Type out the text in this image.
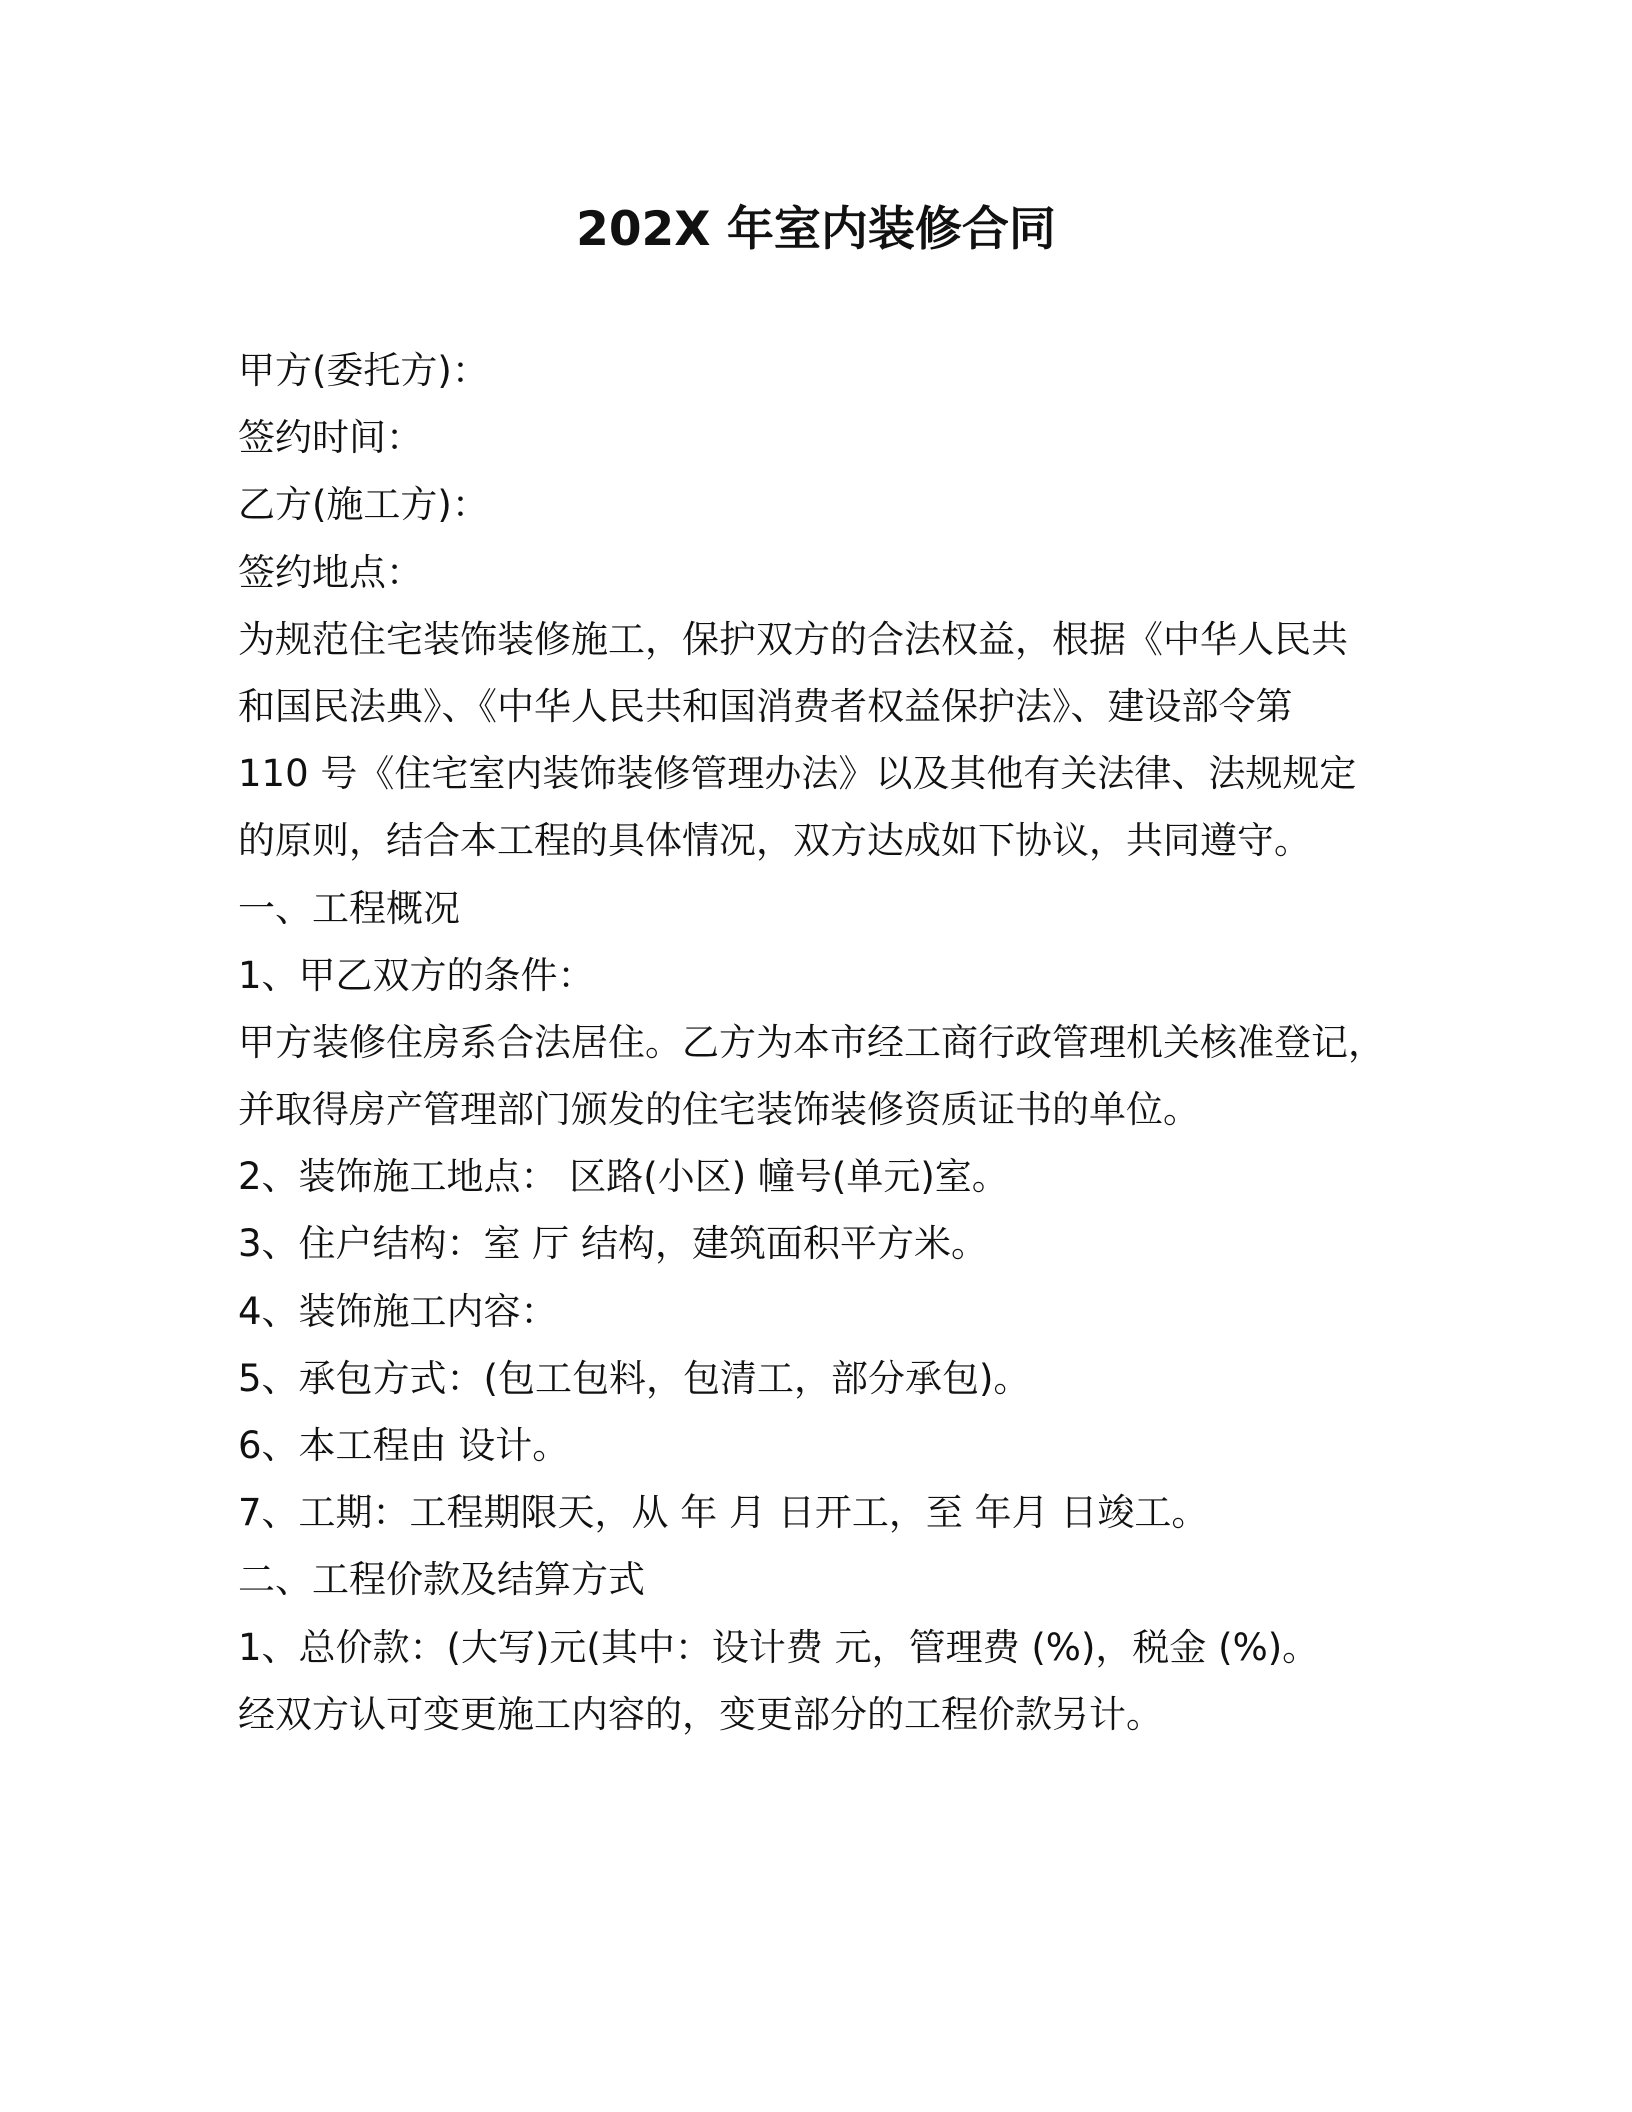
202X 年室内装修合同
甲方(委托方)：
签约时间：
乙方(施工方)：
签约地点：
为规范住宅装饰装修施工，保护双方的合法权益，根据《中华人民共
和国民法典》、《中华人民共和国消费者权益保护法》、建设部令第
110 号《住宅室内装饰装修管理办法》以及其他有关法律、法规规定
的原则，结合本工程的具体情况，双方达成如下协议，共同遵守。
一、工程概况
1、甲乙双方的条件：
甲方装修住房系合法居住。乙方为本市经工商行政管理机关核准登记，
并取得房产管理部门颁发的住宅装饰装修资质证书的单位。
2、装饰施工地点： 区路(小区) 幢号(单元)室。
3、住户结构：室 厅 结构，建筑面积平方米。
4、装饰施工内容：
5、承包方式：(包工包料，包清工，部分承包)。
6、本工程由 设计。
7、工期：工程期限天，从 年 月 日开工，至 年月 日竣工。
二、工程价款及结算方式
1、总价款：(大写)元(其中：设计费 元，管理费 (%)，税金 (%)。
经双方认可变更施工内容的，变更部分的工程价款另计。
